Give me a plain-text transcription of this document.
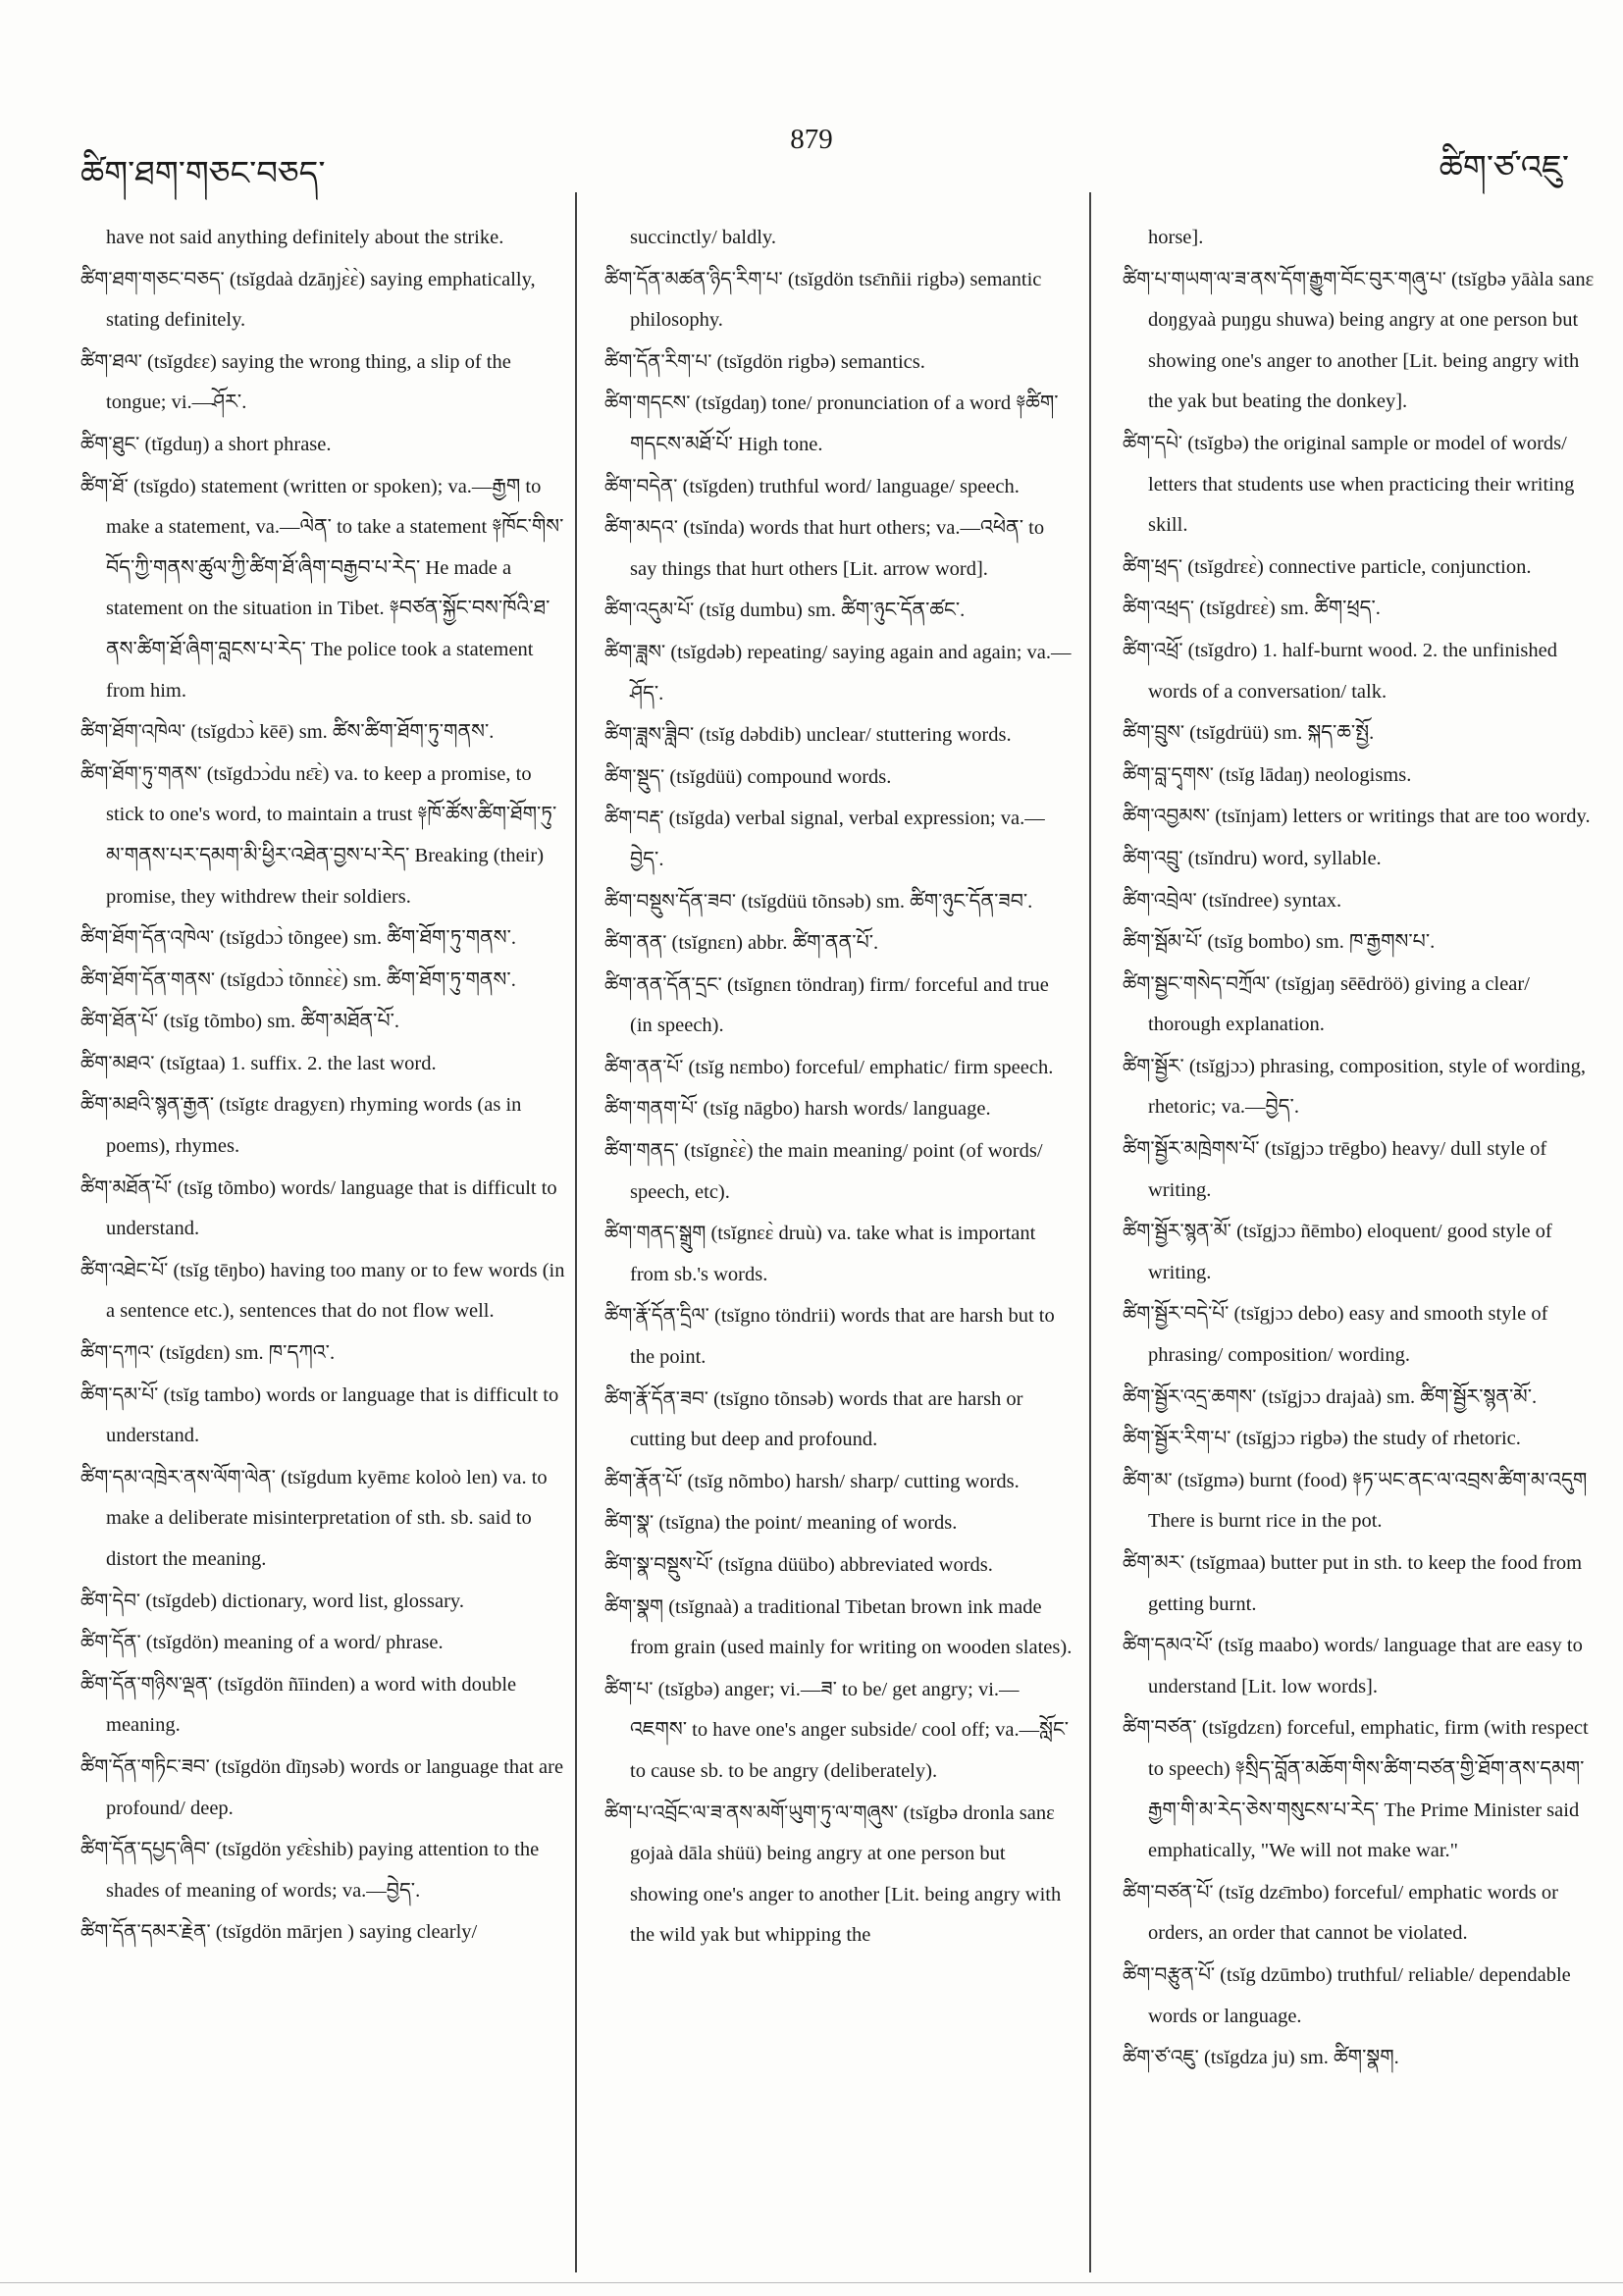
ཚིག་ཐག་གཅང་བཅད་
879
ཚིག་ཙ་འཇུ་

have not said anything definitely about the strike.

ཚིག་ཐག་གཅང་བཅད་ (tsĭgdaà dzāŋjɛ̀ɛ̀) saying emphatically, stating definitely.

ཚིག་ཐལ་ (tsĭgdɛɛ) saying the wrong thing, a slip of the tongue; vi.—ཤོར་.

ཚིག་ཐུང་ (tĭgduŋ) a short phrase.

ཚིག་ཐོ་ (tsĭgdo) statement (written or spoken); va.—རྒྱག to make a statement, va.—ལེན་ to take a statement ༈ཁོང་གིས་བོད་ཀྱི་གནས་ཚུལ་ཀྱི་ཚིག་ཐོ་ཞིག་བརྒྱབ་པ་རེད་ He made a statement on the situation in Tibet. ༈བཙན་སྐྱོང་བས་ཁོའི་ཐ་ནས་ཚིག་ཐོ་ཞིག་བླངས་པ་རེད་ The police took a statement from him.

ཚིག་ཐོག་འཁེལ་ (tsĭgdɔɔ̀ kēē) sm. ཚིས་ཚིག་ཐོག་ཏུ་གནས་.

ཚིག་ཐོག་ཏུ་གནས་ (tsĭgdɔɔ̀du nɛ̄ɛ̀) va. to keep a promise, to stick to one's word, to maintain a trust ༈ཁོ་ཚོས་ཚིག་ཐོག་ཏུ་མ་གནས་པར་དམག་མི་ཕྱིར་འཐེན་བྱས་པ་རེད་ Breaking (their) promise, they withdrew their soldiers.

ཚིག་ཐོག་དོན་འཁེལ་ (tsĭgdɔɔ̀ tõngee) sm. ཚིག་ཐོག་ཏུ་གནས་.

ཚིག་ཐོག་དོན་གནས་ (tsĭgdɔɔ̀ tõnnɛ̀ɛ̀) sm. ཚིག་ཐོག་ཏུ་གནས་.

ཚིག་ཐོན་པོ་ (tsĭg tõmbo) sm. ཚིག་མཐོན་པོ་.

ཚིག་མཐའ་ (tsĭgtaa) 1. suffix. 2. the last word.

ཚིག་མཐའི་སྙན་རྒྱན་ (tsĭgtɛ dragyɛn) rhyming words (as in poems), rhymes.

ཚིག་མཐོན་པོ་ (tsĭg tõmbo) words/ language that is difficult to understand.

ཚིག་འཐེང་པོ་ (tsĭg tēŋbo) having too many or to few words (in a sentence etc.), sentences that do not flow well.

ཚིག་དཀའ་ (tsĭgdɛn) sm. ཁ་དཀའ་.

ཚིག་དམ་པོ་ (tsĭg tambo) words or language that is difficult to understand.

ཚིག་དམ་འཁྲེར་ནས་ལོག་ལེན་ (tsĭgdum kyēmɛ koloò len) va. to make a deliberate misinterpretation of sth. sb. said to distort the meaning.

ཚིག་དེབ་ (tsĭgdeb) dictionary, word list, glossary.

ཚིག་དོན་ (tsĭgdön) meaning of a word/ phrase.

ཚིག་དོན་གཉིས་ལྡན་ (tsĭgdön ñīinden) a word with double meaning.

ཚིག་དོན་གཏིང་ཟབ་ (tsĭgdön dĩŋsəb) words or language that are profound/ deep.

ཚིག་དོན་དཔྱད་ཞིབ་ (tsĭgdön yɛ̄ɛ̀shib) paying attention to the shades of meaning of words; va.—བྱེད་.

ཚིག་དོན་དམར་རྗེན་ (tsĭgdön mārjen ) saying clearly/

succinctly/ baldly.

ཚིག་དོན་མཚན་ཉིད་རིག་པ་ (tsĭgdön tsɛ̄nñii rigbə) semantic philosophy.

ཚིག་དོན་རིག་པ་ (tsĭgdön rigbə) semantics.

ཚིག་གདངས་ (tsĭgdaŋ) tone/ pronunciation of a word ༈ཚིག་གདངས་མཐོ་པོ་ High tone.

ཚིག་བདེན་ (tsĭgden) truthful word/ language/ speech.

ཚིག་མདའ་ (tsĭnda) words that hurt others; va.—འཕེན་ to say things that hurt others [Lit. arrow word].

ཚིག་འདུམ་པོ་ (tsĭg dumbu) sm. ཚིག་ཉུང་དོན་ཚང་.

ཚིག་ཟླས་ (tsĭgdəb) repeating/ saying again and again; va.—ཤོད་.

ཚིག་ཟླས་ཟླིབ་ (tsĭg dəbdib) unclear/ stuttering words.

ཚིག་སྡུད་ (tsĭgdüü) compound words.

ཚིག་བརྡ་ (tsĭgda) verbal signal, verbal expression; va.—བྱེད་.

ཚིག་བསྡུས་དོན་ཟབ་ (tsĭgdüü tõnsəb) sm. ཚིག་ཉུང་དོན་ཟབ་.

ཚིག་ནན་ (tsĭgnɛn) abbr. ཚིག་ནན་པོ་.

ཚིག་ནན་དོན་དྲང་ (tsĭgnɛn töndraŋ) firm/ forceful and true (in speech).

ཚིག་ནན་པོ་ (tsĭg nɛmbo) forceful/ emphatic/ firm speech.

ཚིག་གནག་པོ་ (tsĭg nāgbo) harsh words/ language.

ཚིག་གནད་ (tsĭgnɛ̀ɛ̀) the main meaning/ point (of words/ speech, etc).

ཚིག་གནད་སྒྲུག (tsĭgnɛɛ̀ druù) va. take what is important from sb.'s words.

ཚིག་རྣོ་དོན་དྲིལ་ (tsĭgno töndrii) words that are harsh but to the point.

ཚིག་རྣོ་དོན་ཟབ་ (tsĭgno tõnsəb) words that are harsh or cutting but deep and profound.

ཚིག་རྣོན་པོ་ (tsĭg nõmbo) harsh/ sharp/ cutting words.

ཚིག་སྣ་ (tsĭgna) the point/ meaning of words.

ཚིག་སྣ་བསྡུས་པོ་ (tsĭgna düübo) abbreviated words.

ཚིག་སྣག (tsĭgnaà) a traditional Tibetan brown ink made from grain (used mainly for writing on wooden slates).

ཚིག་པ་ (tsĭgbə) anger; vi.—ཟ་ to be/ get angry; vi.—འཇགས་ to have one's anger subside/ cool off; va.—སློང་ to cause sb. to be angry (deliberately).

ཚིག་པ་འབྲོང་ལ་ཟ་ནས་མགོ་ཡུག་ཏུ་ལ་གཞུས་ (tsĭgbə dronla sanɛ gojaà dāla shüü) being angry at one person but showing one's anger to another [Lit. being angry with the wild yak but whipping the

horse].

ཚིག་པ་གཡག་ལ་ཟ་ནས་དོག་རྒྱུག་བོང་བུར་གཞུ་པ་ (tsĭgbə yāàla sanɛ doŋgyaà puŋgu shuwa) being angry at one person but showing one's anger to another [Lit. being angry with the yak but beating the donkey].

ཚིག་དཔེ་ (tsĭgbə) the original sample or model of words/ letters that students use when practicing their writing skill.

ཚིག་ཕྲད་ (tsĭgdrɛɛ̀) connective particle, conjunction.

ཚིག་འཕྲད་ (tsĭgdrɛɛ̀) sm. ཚིག་ཕྲད་.

ཚིག་འཕྲོ་ (tsĭgdro) 1. half-burnt wood. 2. the unfinished words of a conversation/ talk.

ཚིག་བྲུས་ (tsĭgdrüü) sm. སྐད་ཆ་སྤྱོ.

ཚིག་བླ་དྭགས་ (tsĭg lādaŋ) neologisms.

ཚིག་འབྱམས་ (tsĭnjam) letters or writings that are too wordy.

ཚིག་འབྲུ་ (tsĭndru) word, syllable.

ཚིག་འབྲེལ་ (tsĭndree) syntax.

ཚིག་སྦོམ་པོ་ (tsĭg bombo) sm. ཁ་རྒྱགས་པ་.

ཚིག་སྦྱང་གསེད་བཀྲོལ་ (tsĭgjaŋ sēēdröö) giving a clear/ thorough explanation.

ཚིག་སྦྱོར་ (tsĭgjɔɔ) phrasing, composition, style of wording, rhetoric; va.—བྱེད་.

ཚིག་སྦྱོར་མཁྲེགས་པོ་ (tsĭgjɔɔ trēgbo) heavy/ dull style of writing.

ཚིག་སྦྱོར་སྙན་མོ་ (tsĭgjɔɔ ñēmbo) eloquent/ good style of writing.

ཚིག་སྦྱོར་བདེ་པོ་ (tsĭgjɔɔ debo) easy and smooth style of phrasing/ composition/ wording.

ཚིག་སྦྱོར་འདྲ་ཆགས་ (tsĭgjɔɔ drajaà) sm. ཚིག་སྦྱོར་སྙན་མོ་.

ཚིག་སྦྱོར་རིག་པ་ (tsĭgjɔɔ rigbə) the study of rhetoric.

ཚིག་མ་ (tsĭgmə) burnt (food) ༈ཏ་ཡང་ནང་ལ་འབྲས་ཚིག་མ་འདུག There is burnt rice in the pot.

ཚིག་མར་ (tsĭgmaa) butter put in sth. to keep the food from getting burnt.

ཚིག་དམའ་པོ་ (tsĭg maabo) words/ language that are easy to understand [Lit. low words].

ཚིག་བཙན་ (tsĭgdzɛn) forceful, emphatic, firm (with respect to speech) ༈སྲིད་བློན་མཆོག་གིས་ཚིག་བཙན་གྱི་ཐོག་ནས་དམག་རྒྱག་གི་མ་རེད་ཅེས་གསུངས་པ་རེད་ The Prime Minister said emphatically, "We will not make war."

ཚིག་བཙན་པོ་ (tsĭg dzɛ̄mbo) forceful/ emphatic words or orders, an order that cannot be violated.

ཚིག་བརྩུན་པོ་ (tsĭg dzūmbo) truthful/ reliable/ dependable words or language.

ཚིག་ཙ་འཇུ་ (tsĭgdza ju) sm. ཚིག་སྣག.
